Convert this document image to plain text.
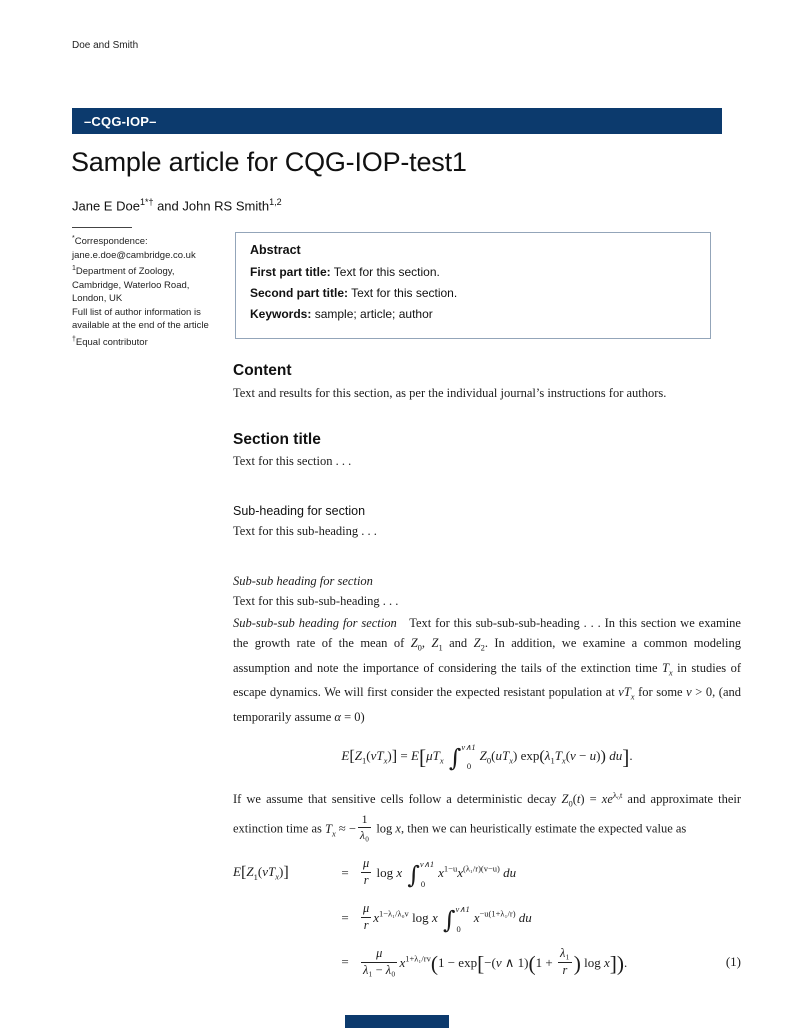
Doe and Smith
–CQG-IOP–
Sample article for CQG-IOP-test1
Jane E Doe$^{1*\dagger}$ and John RS Smith$^{1,2}$
*Correspondence:
jane.e.doe@cambridge.co.uk
$^1$Department of Zoology,
Cambridge, Waterloo Road,
London, UK
Full list of author information is
available at the end of the article
†Equal contributor
Abstract
First part title: Text for this section.
Second part title: Text for this section.
Keywords: sample; article; author
Content

Text and results for this section, as per the individual journal’s instructions for authors.

Section title

Text for this section . . .

Sub-heading for section

Text for this sub-heading . . .

Sub-sub heading for section

Text for this sub-sub-heading . . .

Sub-sub-sub heading for section Text for this sub-sub-sub-heading . . . In this section we examine the growth rate of the mean of $Z_0$, $Z_1$ and $Z_2$. In addition, we examine a common modeling assumption and note the importance of considering the tails of the extinction time $T_x$ in studies of escape dynamics. We will first consider the expected resistant population at $vT_x$ for some v > 0, (and temporarily assume α = 0)

$E[Z_1(vT_x)] = E[\mu T_x$ ∫ v∧1
0
$Z_0(uT_x) \exp(\lambda_1T_x(v - u))$ du].

If we assume that sensitive cells follow a deterministic decay $Z_0(t) = xe^{\lambda_0t}$ and approximate their extinction time as $T_x$ ≈ − $\frac{1}{\text{λ₀}}$ log x, then we can heuristically estimate the expected value as

$E[Z_1(vT_x)]$	= $\frac{\mu}{r}$ log x ∫ v∧1
0
$x^{1-u}x^{(\lambda_1/r)(v-u)}$ du
= $\frac{\mu}{r} x^{1-\lambda_1/\lambda_0v}$ log x ∫ v∧1
0
$x^{-u(1+\lambda_1/r)}$ du
= $\frac{\mu}{\text{λ₁ − λ₀}} x^{1+\lambda_1/rv}(1 - \exp[-(v$ ∧ $1)(1 + \frac{\text{λ₁}}{r}$ ) log x]).	(1)
